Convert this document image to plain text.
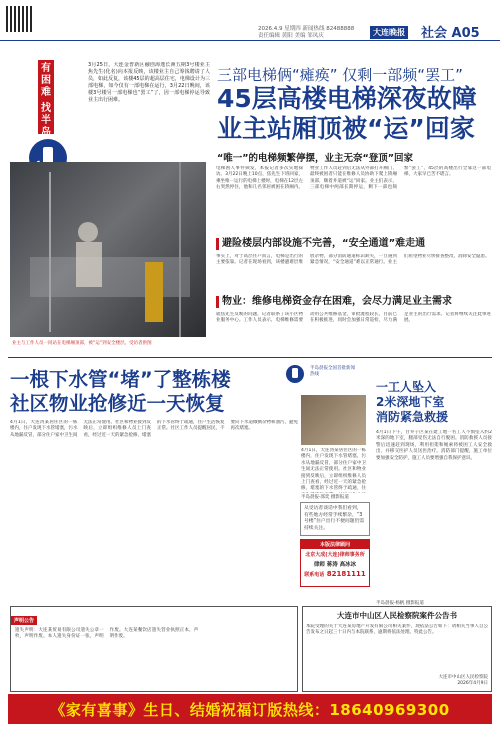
2026.4.9 星期四 新闻热线 82488888
责任编辑 黄阳 美编 邹凤庆	大连晚报 社会 A05
有困难
找半岛
3月25日，大连金普新区融创海逸长洲五期3号楼业主焦先生(化名)向本报反映，该楼业主自己筹钱聘请了人员，如此反复，该楼45层的超高层住宅，电梯设计为三部电梯，如今仅有一部电梯在运行，3月22日晚间，该楼3号楼另一部电梯也“罢工”了，因一部电梯停运导致业主出行困难。
三部电梯俩“瘫痪” 仅剩一部频“罢工”
45层高楼电梯深夜故障
业主站厢顶被“运”回家
“唯一”的电梯频繁停摆，业主无奈“登顶”回家
业主与工作人员一同站在电梯厢顶部，被“运”到安全楼层。受访者供图
电梯困人事件频发，本报记者多次实地探访。3月22日晚上10点，焦先生下班回家，乘坐唯一运行的电梯上楼时，电梯在12层左右突然停住，他和几名邻居被困在轿厢内。物业工作人员赶到后无法从外部打开厢门，最终被困者只能在维修人员协助下爬上轿厢顶部，顺着井道被“运”回家。业主们表示，三部电梯中两部长期停运，剩下一部也频繁“罢工”，45层的高楼出行全靠这一部电梯，大家早已苦不堪言。
避险楼层内部设施不完善，“安全通道”难走通
事实上，对于高层住户而言，电梯是出行的主要依靠。记者在现场看到，该楼避难层堆放杂物，部分消防通道标识缺失，一旦遇到紧急情况，“安全通道”难以正常通行。业主们希望物业尽快排查整改，消除安全隐患。
物业：维修电梯资金存在困难，会尽力满足业主需求
就焦先生反映的问题，记者联系了该小区物业服务中心。工作人员表示，电梯维修需要动用公共维修基金，审批流程较长，目前已在积极推进，同时会加强日常巡检，尽力满足业主的出行需求。记者将继续关注此事进展。
一根下水管“堵”了整栋楼
社区物业抢修近一天恢复
半岛晨报全国首批新闻热线
4月1日，大连湾某居住区的一栋楼内，住户发现下水管堵塞，污水从地漏反冒，部分住户家中卫生间无法正常使用。社区和物业接到反映后，立即组织维修人员上门查看，经过近一天的紧急抢修，堵塞的下水管终于疏通，住户生活恢复正常。社区工作人员提醒居民，不要向下水道倾倒杂物和油污，避免再次堵塞。
4月1日，大连湾某居住区的一栋楼内，住户发现下水管堵塞，污水从地漏反冒，部分住户家中卫生间无法正常使用。社区和物业接到反映后，立即组织维修人员上门查看，经过近一天的紧急抢修，堵塞的下水管终于疏通，住
半岛晨报·邵奕 摄影报道
从受访者谈话中我们看到，有些地方经常手续繁杂，“3号楼”住户出行不便问题仍需持续关注。
一工人坠入
2米深地下室
消防紧急救援
4月1日下午，甘井子区某在建工地一名工人不慎坠入约2米深的地下室，腿部受伤无法自行脱困。消防救援人员接警后迅速赶到现场，利用担架和绳索将被困工人安全救出，并移交医护人员送医治疗。消防部门提醒，施工单位要加强安全防护，施工人员要增强自我保护意识。
半岛晨报·杨帆 摄影报道
本版法律顾问
北京大成(大连)律师事务所
律师 蒋涛 高冰冰
联系电话 82181111
声明公告
遗失声明：大连某贸易有限公司遗失公章一枚，声明作废。本人遗失身份证一张，声明作废。大连某餐饮店遗失营业执照正本，声明作废。
大连市中山区人民检察院案件公告书
本院受理的关于大连某房地产开发有限公司相关案件，现依法公告如下：请相关当事人自公告发布之日起三十日内与本院联系，逾期将依法处理。特此公告。
大连市中山区人民检察院
2026年4月9日
《家有喜事》生日、结婚祝福订版热线：18640969300
